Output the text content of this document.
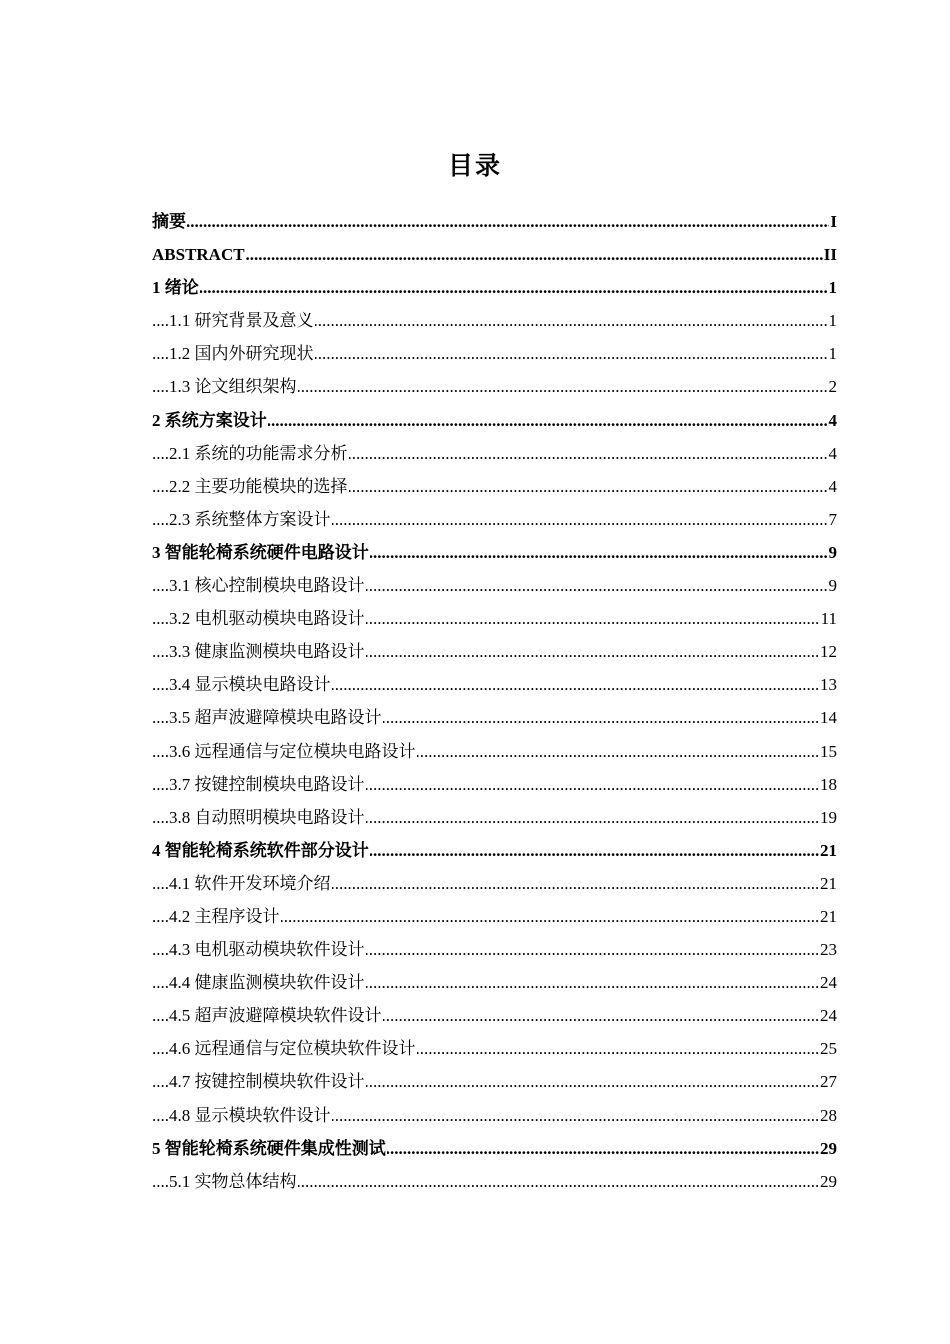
目录
摘要	I
.....
ABSTRACT	II
.....
1 绪论	1
.....
1.1 研究背景及意义	1
.....
1.2 国内外研究现状	1
.....
1.3 论文组织架构	2
.....
2 系统方案设计	4
.....
2.1 系统的功能需求分析	4
.....
2.2 主要功能模块的选择	4
.....
2.3 系统整体方案设计	7
.....
3 智能轮椅系统硬件电路设计	9
.....
3.1 核心控制模块电路设计	9
.....
3.2 电机驱动模块电路设计	11
.....
3.3 健康监测模块电路设计	12
.....
3.4 显示模块电路设计	13
.....
3.5 超声波避障模块电路设计	14
.....
3.6 远程通信与定位模块电路设计	15
.....
3.7 按键控制模块电路设计	18
.....
3.8 自动照明模块电路设计	19
.....
4 智能轮椅系统软件部分设计	21
.....
4.1 软件开发环境介绍	21
.....
4.2 主程序设计	21
.....
4.3 电机驱动模块软件设计	23
.....
4.4 健康监测模块软件设计	24
.....
4.5 超声波避障模块软件设计	24
.....
4.6 远程通信与定位模块软件设计	25
.....
4.7 按键控制模块软件设计	27
.....
4.8 显示模块软件设计	28
.....
5 智能轮椅系统硬件集成性测试	29
.....
5.1 实物总体结构	29
.....
